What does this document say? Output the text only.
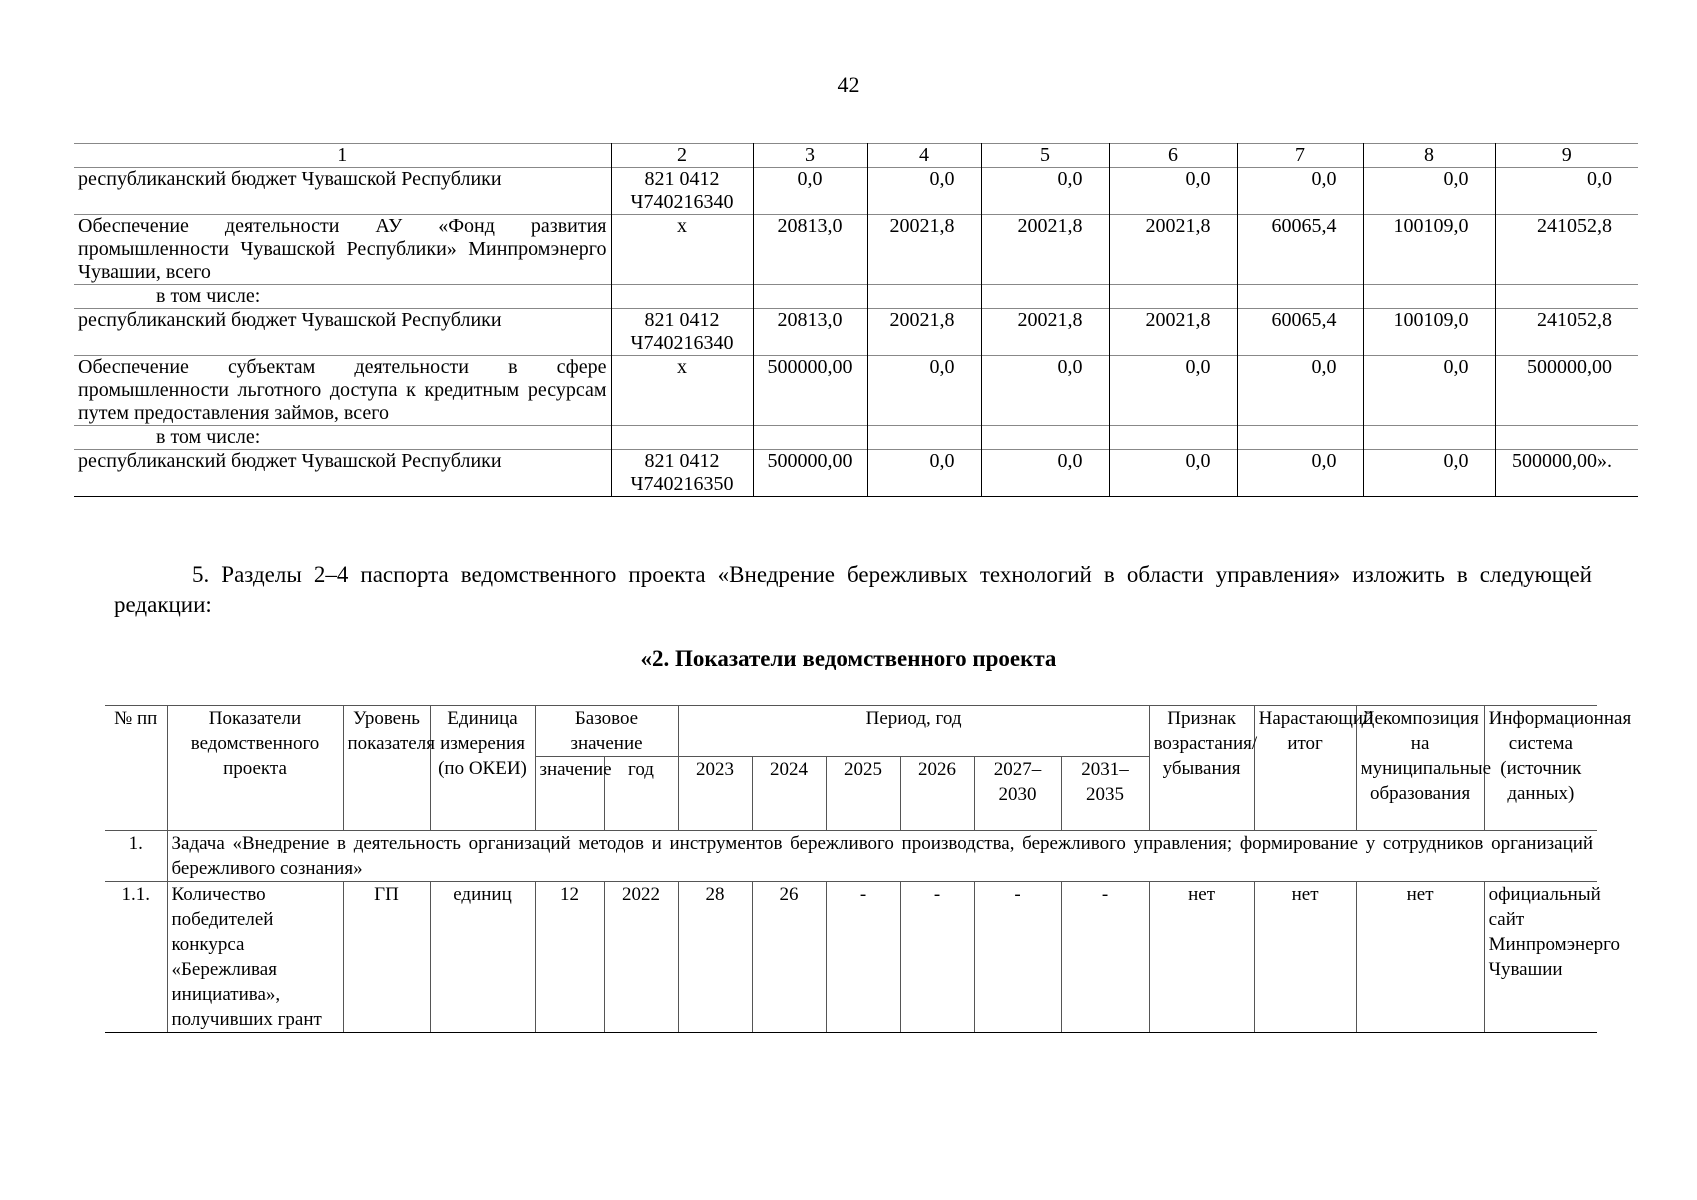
42
1	2	3	4	5	6	7	8	9
республиканский бюджет Чувашской Республики	821 0412 Ч740216340	0,0	0,0	0,0	0,0	0,0	0,0	0,0
Обеспечение деятельности АУ «Фонд развития промышленности Чувашской Республики» Минпромэнерго Чувашии, всего	x	20813,0	20021,8	20021,8	20021,8	60065,4	100109,0	241052,8
в том числе:								
республиканский бюджет Чувашской Республики	821 0412 Ч740216340	20813,0	20021,8	20021,8	20021,8	60065,4	100109,0	241052,8
Обеспечение субъектам деятельности в сфере промышленности льготного доступа к кредитным ресурсам путем предоставления займов, всего	x	500000,00	0,0	0,0	0,0	0,0	0,0	500000,00
в том числе:								
республиканский бюджет Чувашской Республики	821 0412 Ч740216350	500000,00	0,0	0,0	0,0	0,0	0,0	500000,00».
5. Разделы 2–4 паспорта ведомственного проекта «Внедрение бережливых технологий в области управления» изложить в следующей редакции:
«2. Показатели ведомственного проекта
№ пп	Показатели ведомственного проекта	Уровень показателя	Единица измерения (по ОКЕИ)	Базовое значение		Период, год						Признак возрастания/убывания	Нарастающий итог	Декомпозиция на муниципальные образования	Информационная система (источник данных)
				значение	год	2023	2024	2025	2026	2027–2030	2031–2035				

1.	Задача «Внедрение в деятельность организаций методов и инструментов бережливого производства, бережливого управления; формирование у сотрудников организаций бережливого сознания»														
1.1.	Количество победителей конкурса «Бережливая инициатива», получивших грант	ГП	единиц	12	2022	28	26	-	-	-	-	нет	нет	нет	официальный сайт Минпромэнерго Чувашии
